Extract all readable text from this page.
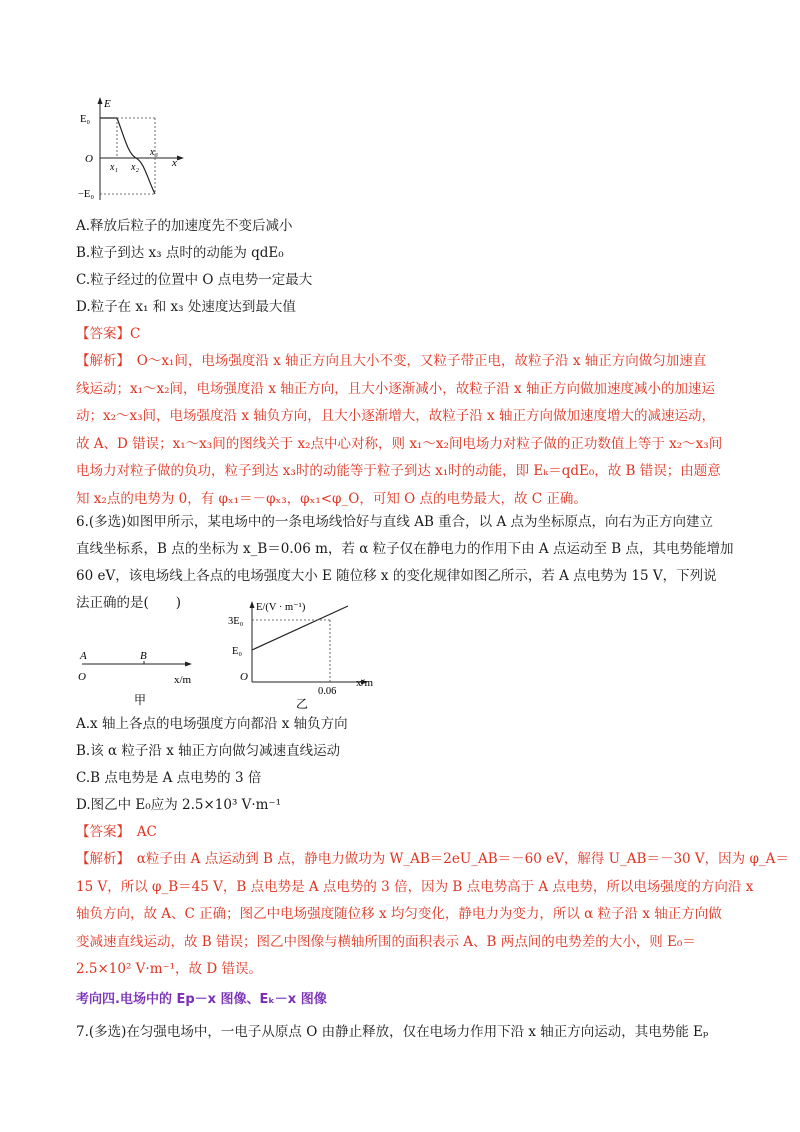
E
E₀
O
−E₀
x₁ x₂
x₃
x
A.释放后粒子的加速度先不变后减小
B.粒子到达 x₃ 点时的动能为 qdE₀
C.粒子经过的位置中 O 点电势一定最大
D.粒子在 x₁ 和 x₃ 处速度达到最大值
【答案】C
【解析】　 O～x₁间，电场强度沿 x 轴正方向且大小不变，又粒子带正电，故粒子沿 x 轴正方向做匀加速直
线运动；x₁～x₂间，电场强度沿 x 轴正方向，且大小逐渐减小，故粒子沿 x 轴正方向做加速度减小的加速运
动；x₂～x₃间，电场强度沿 x 轴负方向，且大小逐渐增大，故粒子沿 x 轴正方向做加速度增大的减速运动，
故 A、D 错误；x₁～x₃间的图线关于 x₂点中心对称，则 x₁～x₂间电场力对粒子做的正功数值上等于 x₂～x₃间
电场力对粒子做的负功，粒子到达 x₃时的动能等于粒子到达 x₁时的动能，即 Eₖ＝qdE₀，故 B 错误；由题意
知 x₂点的电势为 0，有 φₓ₁＝－φₓ₃，φₓ₁<φ_O，可知 O 点的电势最大，故 C 正确。
6.(多选)如图甲所示，某电场中的一条电场线恰好与直线 AB 重合，以 A 点为坐标原点，向右为正方向建立
直线坐标系，B 点的坐标为 x_B＝0.06 m，若 α 粒子仅在静电力的作用下由 A 点运动至 B 点，其电势能增加
60 eV，该电场线上各点的电场强度大小 E 随位移 x 的变化规律如图乙所示，若 A 点电势为 15 V，下列说
法正确的是(　　)
A	B
O	x/m
甲
E/(V · m⁻¹)
3E₀
E₀
O
0.06
x/m
乙
A.x 轴上各点的电场强度方向都沿 x 轴负方向
B.该 α 粒子沿 x 轴正方向做匀减速直线运动
C.B 点电势是 A 点电势的 3 倍
D.图乙中 E₀应为 2.5×10³ V·m⁻¹
【答案】　 AC
【解析】　 α粒子由 A 点运动到 B 点，静电力做功为 W_AB＝2eU_AB＝－60 eV，解得 U_AB＝－30 V，因为 φ_A＝
15 V，所以 φ_B＝45 V，B 点电势是 A 点电势的 3 倍，因为 B 点电势高于 A 点电势，所以电场强度的方向沿 x
轴负方向，故 A、C 正确；图乙中电场强度随位移 x 均匀变化，静电力为变力，所以 α 粒子沿 x 轴正方向做
变减速直线运动，故 B 错误；图乙中图像与横轴所围的面积表示 A、B 两点间的电势差的大小，则 E₀＝
2.5×10² V·m⁻¹，故 D 错误。
考向四.电场中的 Ep－x 图像、Eₖ－x 图像
7.(多选)在匀强电场中，一电子从原点 O 由静止释放，仅在电场力作用下沿 x 轴正方向运动，其电势能 Eₚ
